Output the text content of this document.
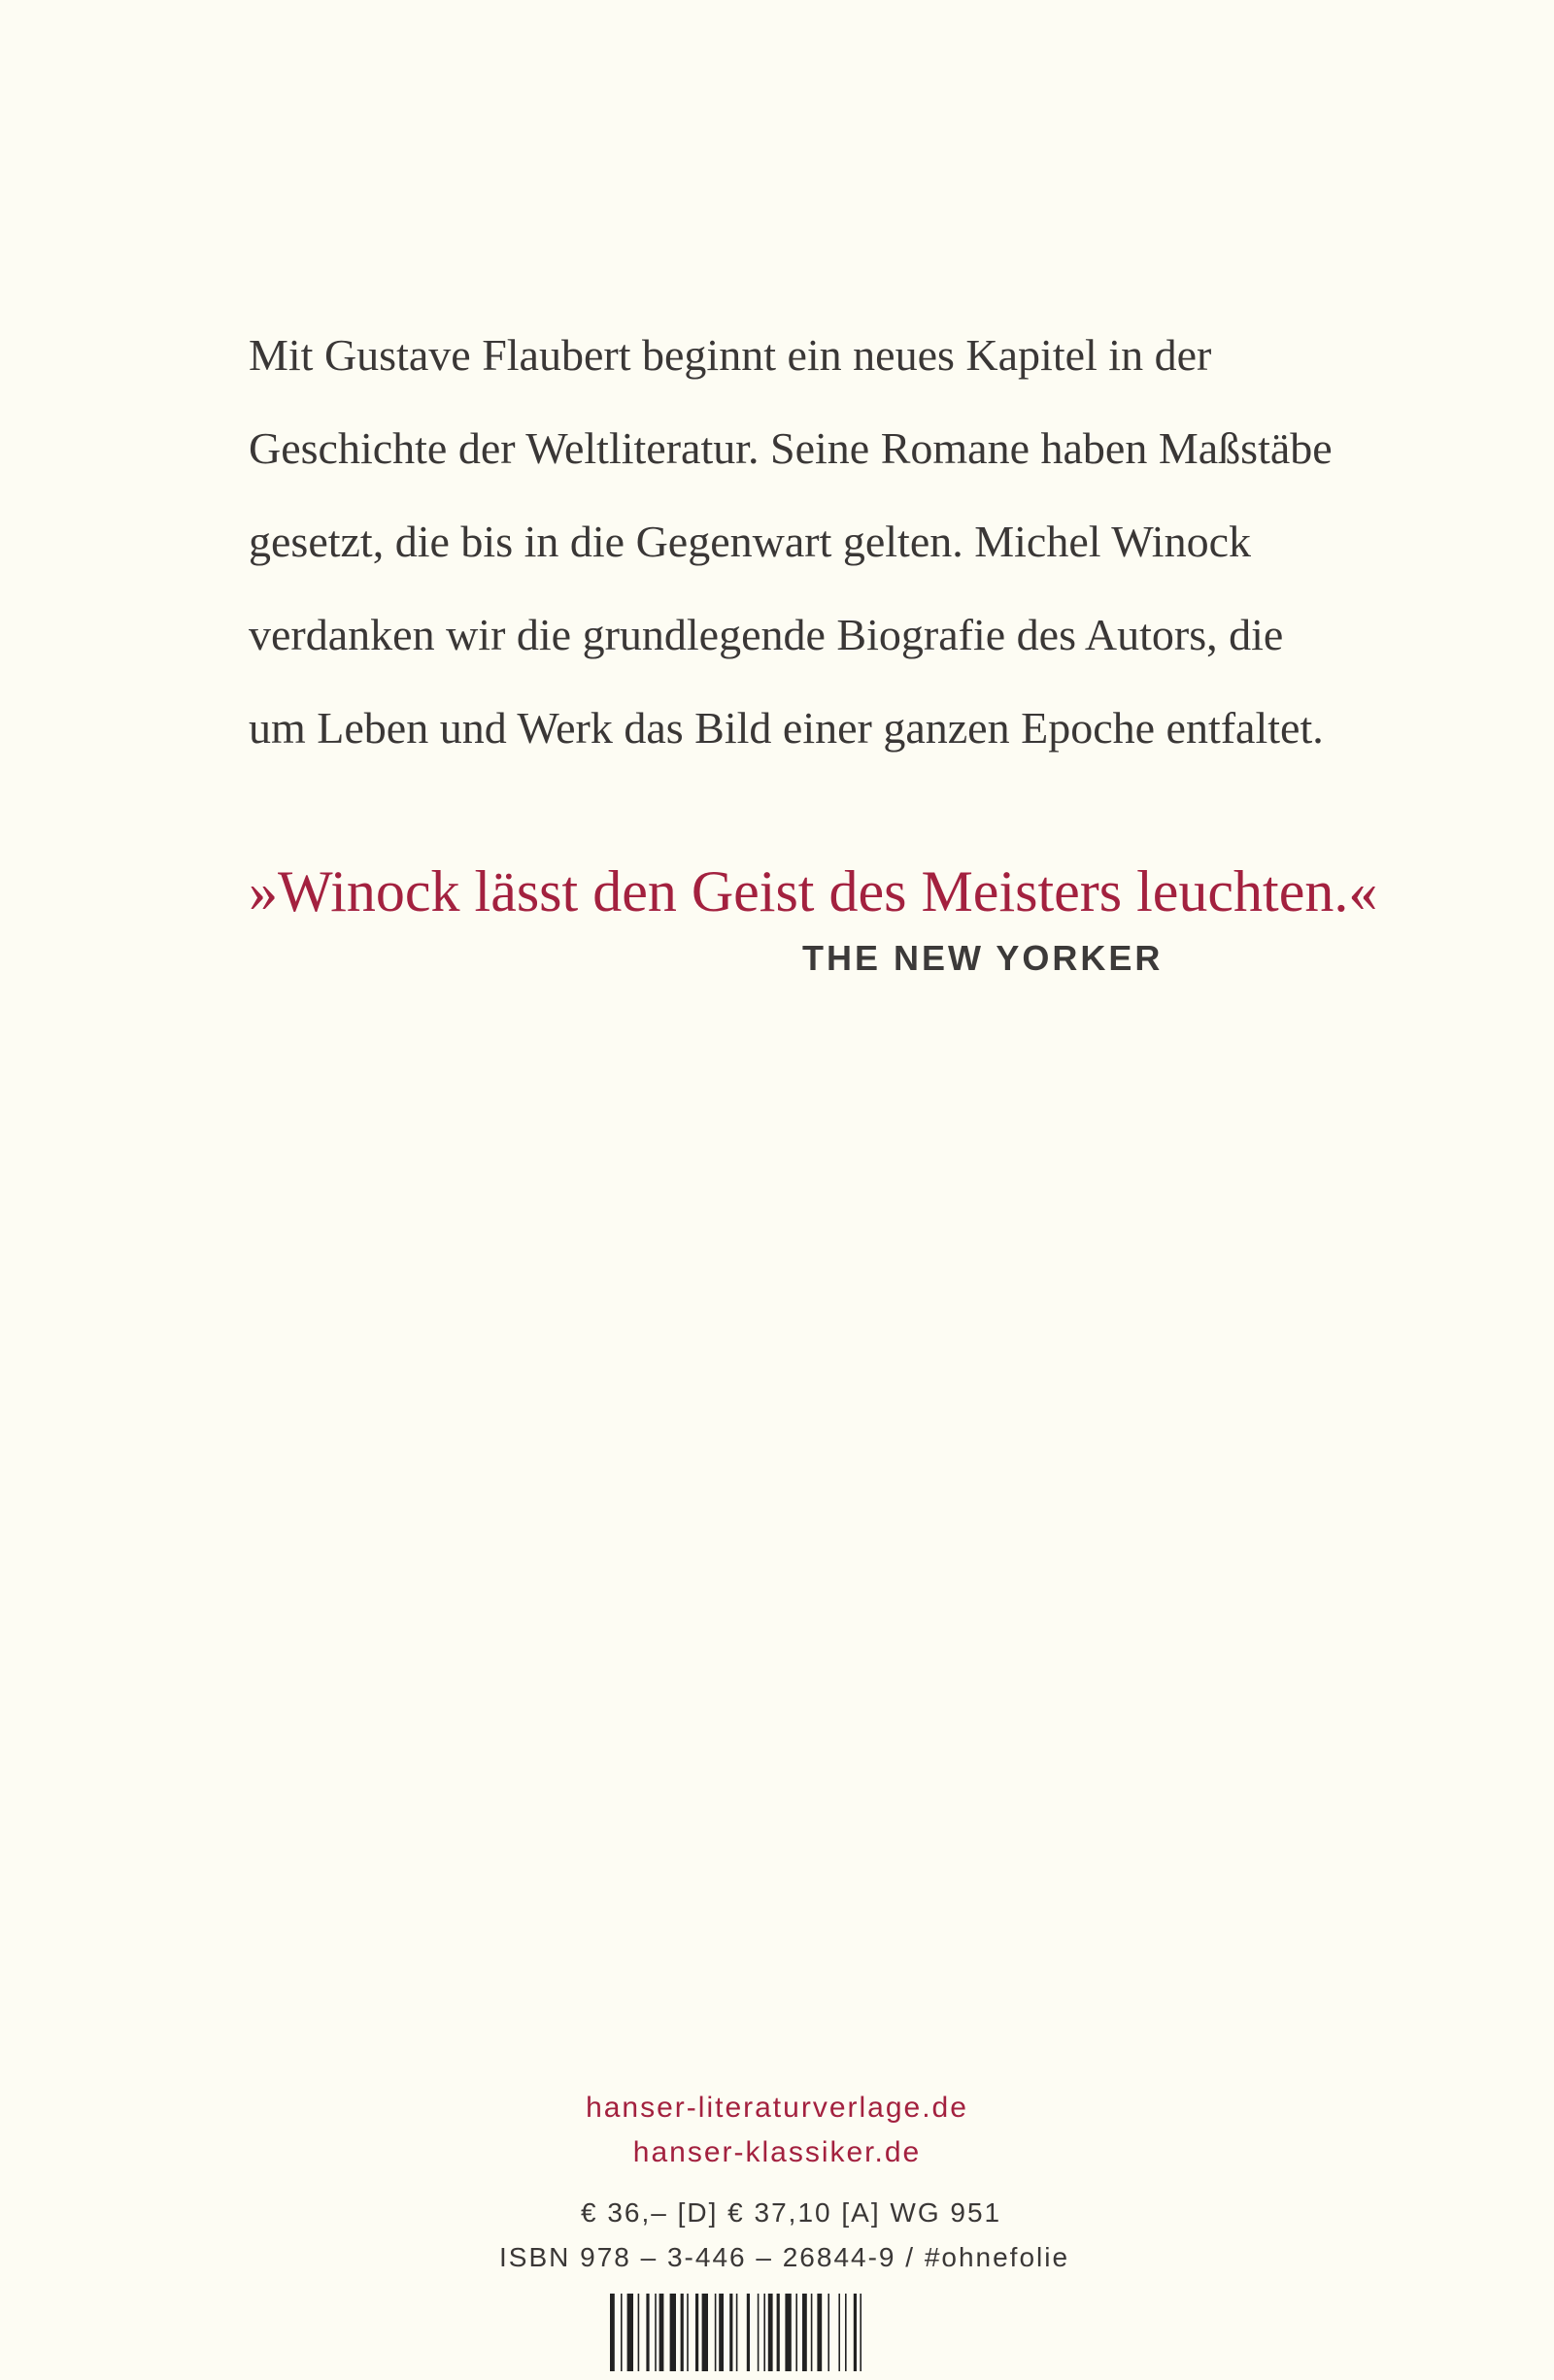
Mit Gustave Flaubert beginnt ein neues Kapitel in der
Geschichte der Weltliteratur. Seine Romane haben Maßstäbe
gesetzt, die bis in die Gegenwart gelten. Michel Winock
verdanken wir die grundlegende Biografie des Autors, die
um Leben und Werk das Bild einer ganzen Epoche entfaltet.
»Winock lässt den Geist des Meisters leuchten.«
THE NEW YORKER
hanser-literaturverlage.de
hanser-klassiker.de
€ 36,– [D] € 37,10 [A] WG 951
ISBN 978 – 3-446 – 26844-9 / #ohnefolie
